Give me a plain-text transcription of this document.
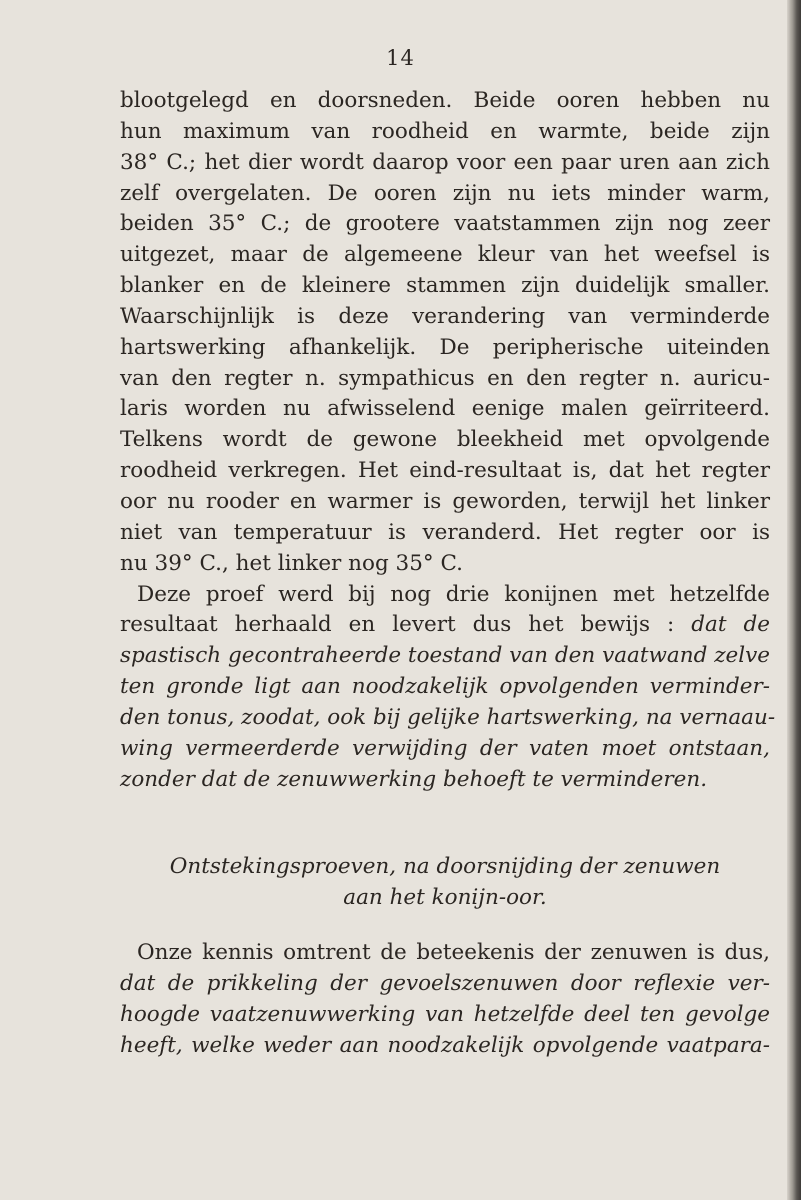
14
blootgelegd en doorsneden. Beide ooren hebben nu
hun maximum van roodheid en warmte, beide zijn
38° C.; het dier wordt daarop voor een paar uren aan zich
zelf overgelaten. De ooren zijn nu iets minder warm,
beiden 35° C.; de grootere vaatstammen zijn nog zeer
uitgezet, maar de algemeene kleur van het weefsel is
blanker en de kleinere stammen zijn duidelijk smaller.
Waarschijnlijk is deze verandering van verminderde
hartswerking afhankelijk. De peripherische uiteinden
van den regter n. sympathicus en den regter n. auricu-
laris worden nu afwisselend eenige malen geïrriteerd.
Telkens wordt de gewone bleekheid met opvolgende
roodheid verkregen. Het eind-resultaat is, dat het regter
oor nu rooder en warmer is geworden, terwijl het linker
niet van temperatuur is veranderd. Het regter oor is
nu 39° C., het linker nog 35° C.
Deze proef werd bij nog drie konijnen met hetzelfde
resultaat herhaald en levert dus het bewijs : dat de
spastisch gecontraheerde toestand van den vaatwand zelve
ten gronde ligt aan noodzakelijk opvolgenden verminder-
den tonus, zoodat, ook bij gelijke hartswerking, na vernaau-
wing vermeerderde verwijding der vaten moet ontstaan,
zonder dat de zenuwwerking behoeft te verminderen.
Ontstekingsproeven, na doorsnijding der zenuwen
aan het konijn-oor.
Onze kennis omtrent de beteekenis der zenuwen is dus,
dat de prikkeling der gevoelszenuwen door reflexie ver-
hoogde vaatzenuwwerking van hetzelfde deel ten gevolge
heeft, welke weder aan noodzakelijk opvolgende vaatpara-
